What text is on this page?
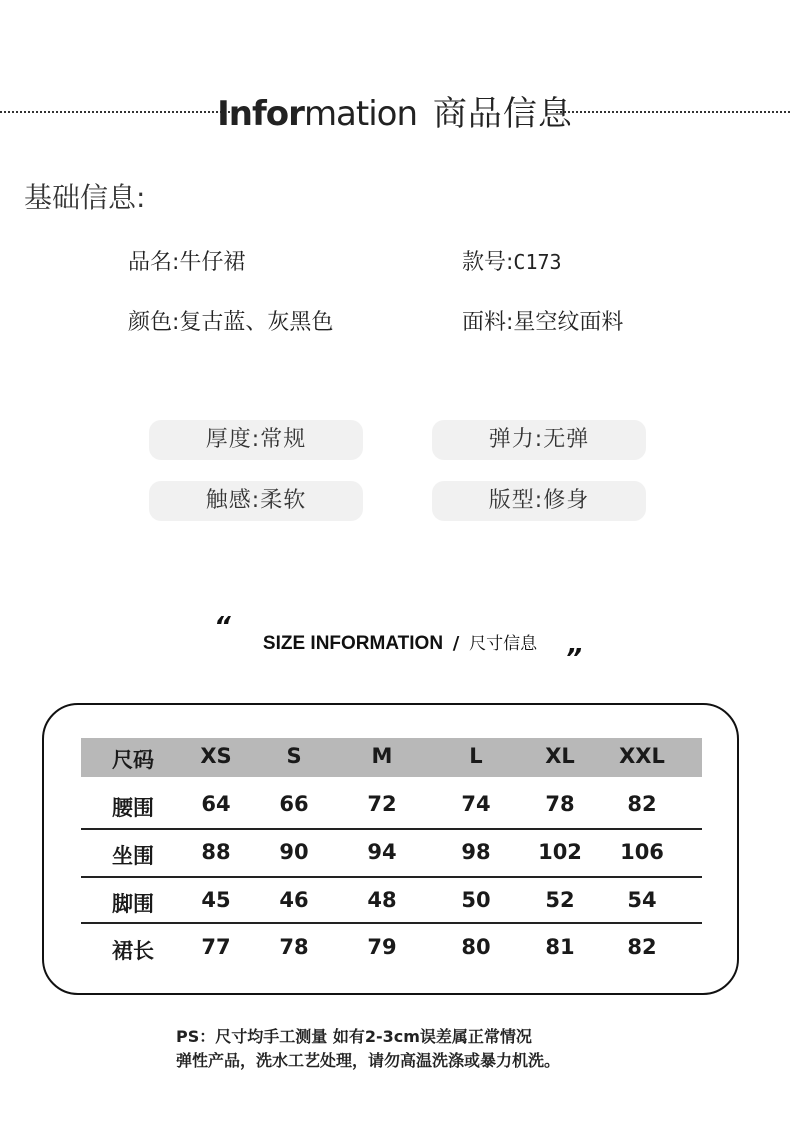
Information 商品信息
基础信息:
品名:牛仔裙	款号:C173
颜色:复古蓝、灰黑色	面料:星空纹面料
厚度:常规	弹力:无弹
触感:柔软	版型:修身
“
SIZE INFORMATION / 尺寸信息	„
尺码	XS	S	M	L	XL	XXL
腰围	64	66	72	74	78	82
坐围	88	90	94	98	102	106
脚围	45	46	48	50	52	54
裙长	77	78	79	80	81	82
PS：尺寸均手工测量 如有2-3cm误差属正常情况
弹性产品，洗水工艺处理，请勿高温洗涤或暴力机洗。
